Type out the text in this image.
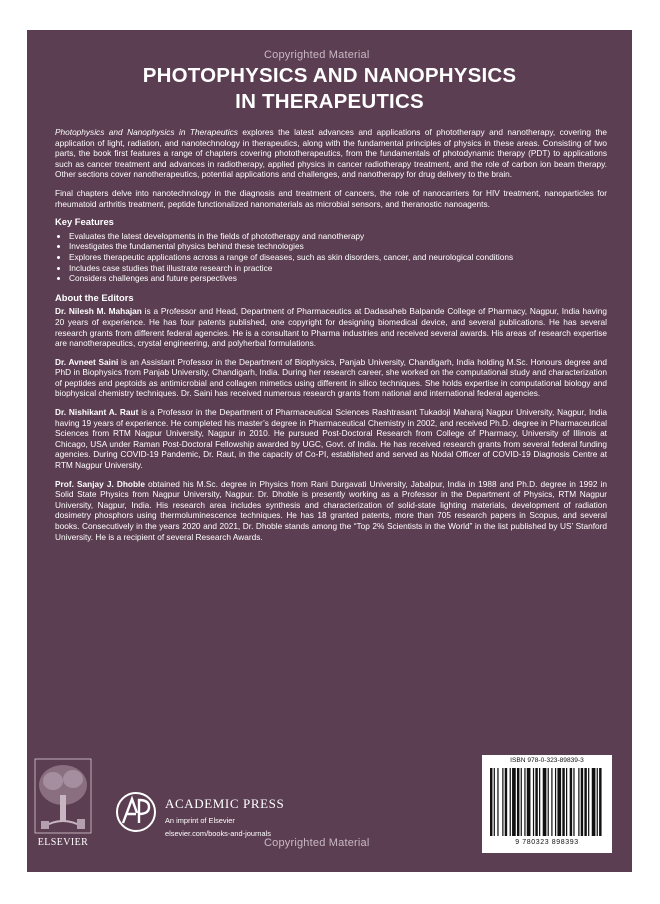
Copyrighted Material
PHOTOPHYSICS AND NANOPHYSICS
IN THERAPEUTICS

Photophysics and Nanophysics in Therapeutics explores the latest advances and applications of phototherapy and nanotherapy, covering the application of light, radiation, and nanotechnology in therapeutics, along with the fundamental principles of physics in these areas. Consisting of two parts, the book first features a range of chapters covering phototherapeutics, from the fundamentals of photodynamic therapy (PDT) to applications such as cancer treatment and advances in radiotherapy, applied physics in cancer radiotherapy treatment, and the role of carbon ion beam therapy. Other sections cover nanotherapeutics, potential applications and challenges, and nanotherapy for drug delivery to the brain.

Final chapters delve into nanotechnology in the diagnosis and treatment of cancers, the role of nanocarriers for HIV treatment, nanoparticles for rheumatoid arthritis treatment, peptide functionalized nanomaterials as microbial sensors, and theranostic nanoagents.

Key Features
• Evaluates the latest developments in the fields of phototherapy and nanotherapy
• Investigates the fundamental physics behind these technologies
• Explores therapeutic applications across a range of diseases, such as skin disorders, cancer, and neurological conditions
• Includes case studies that illustrate research in practice
• Considers challenges and future perspectives
About the Editors

Dr. Nilesh M. Mahajan is a Professor and Head, Department of Pharmaceutics at Dadasaheb Balpande College of Pharmacy, Nagpur, India having 20 years of experience. He has four patents published, one copyright for designing biomedical device, and several publications. He has several research grants from different federal agencies. He is a consultant to Pharma industries and received several awards. His areas of research expertise are nanotherapeutics, crystal engineering, and polyherbal formulations.

Dr. Avneet Saini is an Assistant Professor in the Department of Biophysics, Panjab University, Chandigarh, India holding M.Sc. Honours degree and PhD in Biophysics from Panjab University, Chandigarh, India. During her research career, she worked on the computational study and characterization of peptides and peptoids as antimicrobial and collagen mimetics using different in silico techniques. She holds expertise in computational biology and biophysical chemistry techniques. Dr. Saini has received numerous research grants from national and international federal agencies.

Dr. Nishikant A. Raut is a Professor in the Department of Pharmaceutical Sciences Rashtrasant Tukadoji Maharaj Nagpur University, Nagpur, India having 19 years of experience. He completed his master’s degree in Pharmaceutical Chemistry in 2002, and received Ph.D. degree in Pharmaceutical Sciences from RTM Nagpur University, Nagpur in 2010. He pursued Post-Doctoral Research from College of Pharmacy, University of Illinois at Chicago, USA under Raman Post-Doctoral Fellowship awarded by UGC, Govt. of India. He has received research grants from several federal funding agencies. During COVID-19 Pandemic, Dr. Raut, in the capacity of Co-PI, established and served as Nodal Officer of COVID-19 Diagnosis Centre at RTM Nagpur University.

Prof. Sanjay J. Dhoble obtained his M.Sc. degree in Physics from Rani Durgavati University, Jabalpur, India in 1988 and Ph.D. degree in 1992 in Solid State Physics from Nagpur University, Nagpur. Dr. Dhoble is presently working as a Professor in the Department of Physics, RTM Nagpur University, Nagpur, India. His research area includes synthesis and characterization of solid-state lighting materials, development of radiation dosimetry phosphors using thermoluminescence techniques. He has 18 granted patents, more than 705 research papers in Scopus, and several books. Consecutively in the years 2020 and 2021, Dr. Dhoble stands among the “Top 2% Scientists in the World” in the list published by US’ Stanford University. He is a recipient of several Research Awards.

ELSEVIER
ACADEMIC PRESS
An imprint of Elsevier
elsevier.com/books-and-journals
ISBN 978-0-323-89839-3
9 780323 898393
Copyrighted Material
